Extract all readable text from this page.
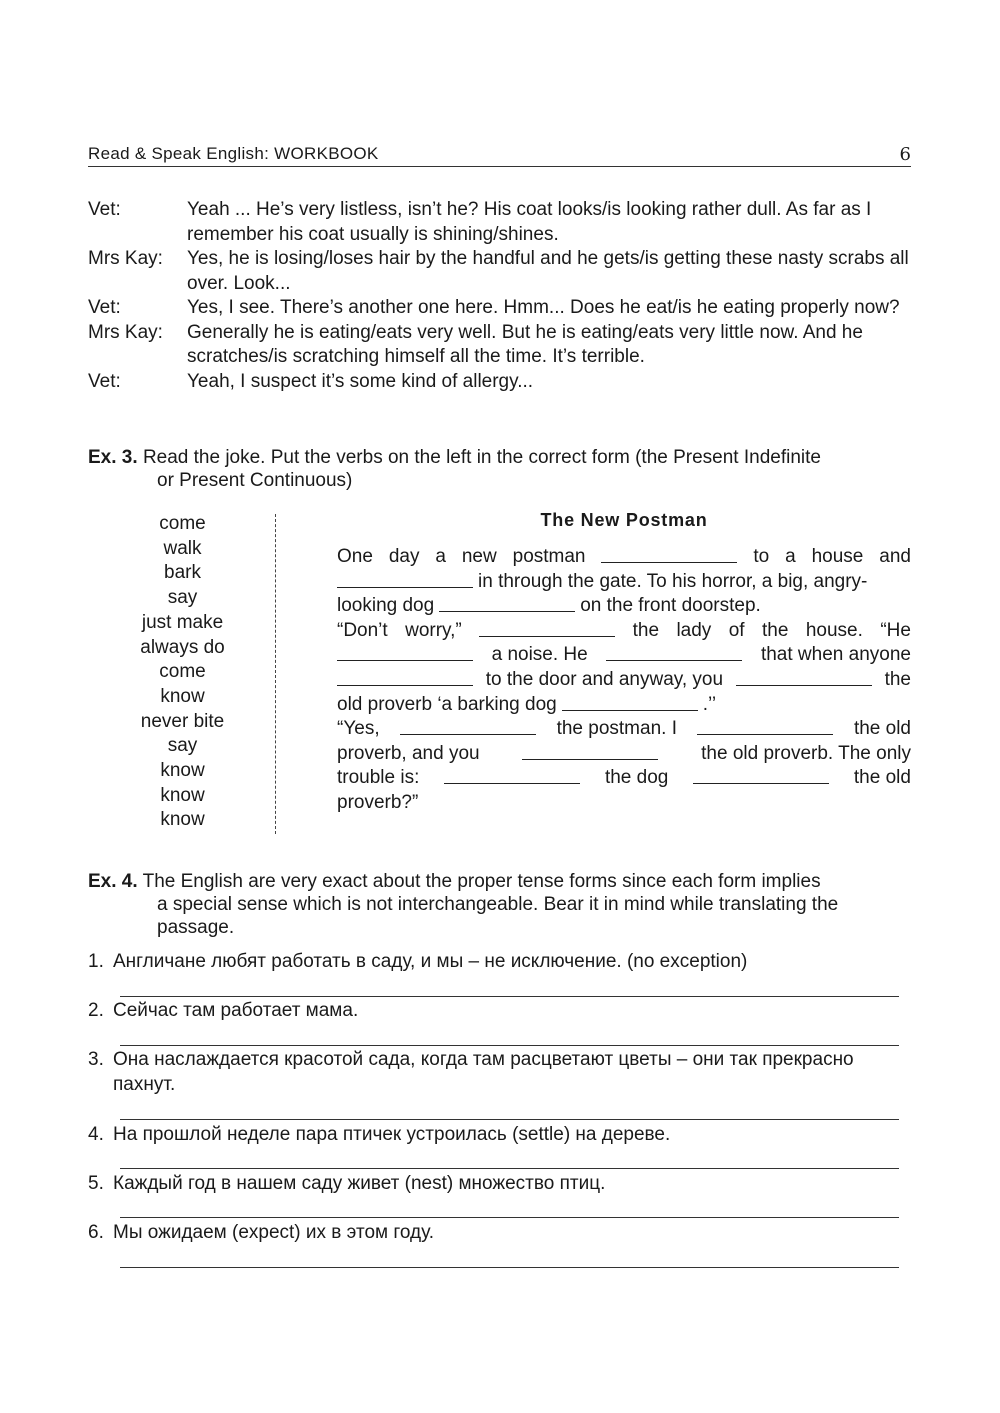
Read & Speak English: WORKBOOK	6
Vet:	Yeah ... He’s very listless, isn’t he? His coat looks/is looking rather dull. As far as I remember his coat usually is shining/shines.
Mrs Kay:	Yes, he is losing/loses hair by the handful and he gets/is getting these nasty scrabs all over. Look...
Vet:	Yes, I see. There’s another one here. Hmm... Does he eat/is he eating properly now?
Mrs Kay:	Generally he is eating/eats very well. But he is eating/eats very little now. And he scratches/is scratching himself all the time. It’s terrible.
Vet:	Yeah, I suspect it’s some kind of allergy...
Ex. 3. Read the joke. Put the verbs on the left in the correct form (the Present Indefinite
or Present Continuous)
come
walk
bark
say
just make
always do
come
know
never bite
say
know
know
know
The New Postman
One day a new postman	to a house and
in through the gate. To his horror, a big, angry-
looking dog	on the front doorstep.
“Don’t worry,”	the lady of the house. “He
a noise. He	that when anyone
to the door and anyway, you	the
old proverb ‘a barking dog	.’’
“Yes,	the postman. I	the old
proverb, and you	the old proverb. The only
trouble is:	the dog	the old
proverb?”
Ex. 4. The English are very exact about the proper tense forms since each form implies
a special sense which is not interchangeable. Bear it in mind while translating the
passage.
1. Англичане любят работать в саду, и мы – не исключение. (no exception)
2. Сейчас там работает мама.
3. Она наслаждается красотой сада, когда там расцветают цветы – они так прекрасно
пахнут.
4. На прошлой неделе пара птичек устроилась (settle) на дереве.
5. Каждый год в нашем саду живет (nest) множество птиц.
6. Мы ожидаем (expect) их в этом году.
